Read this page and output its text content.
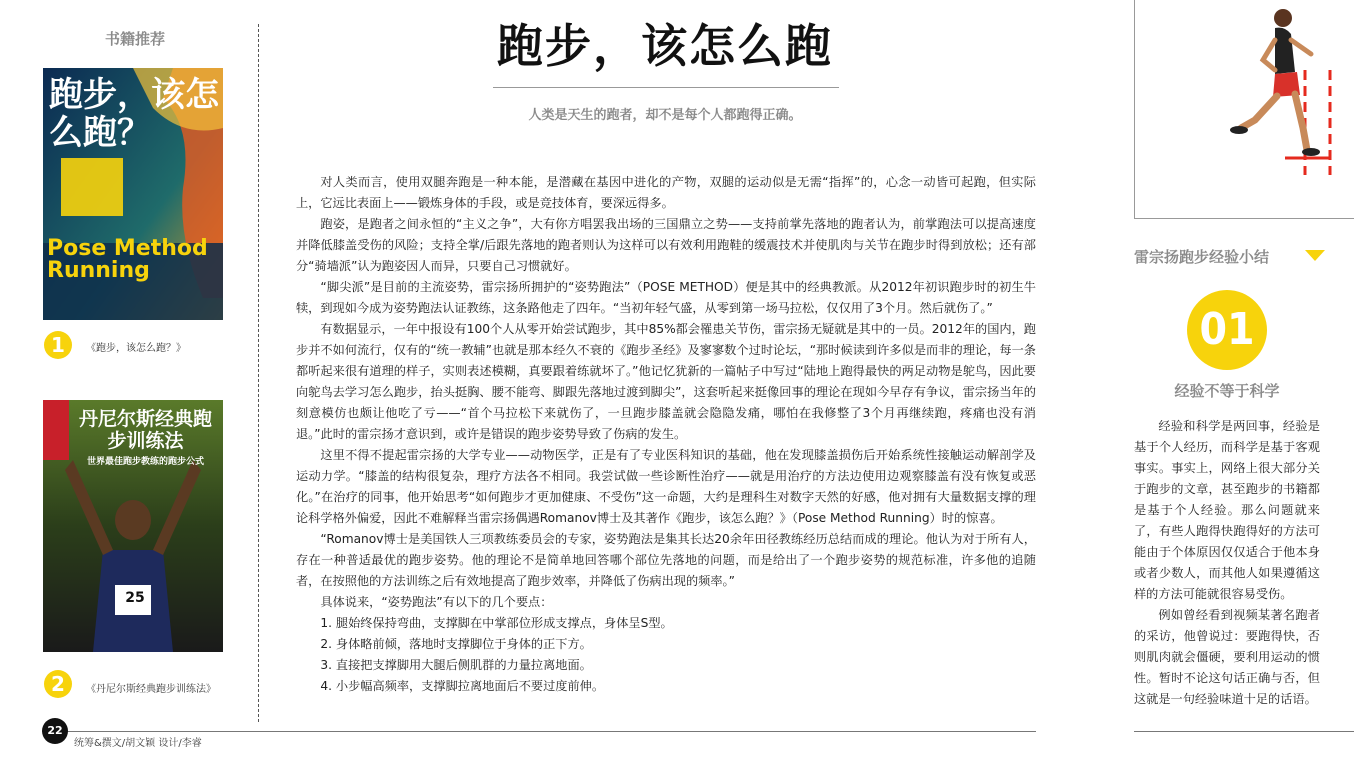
书籍推荐
跑步，该怎么跑？
Pose Method Running
1	《跑步，该怎么跑？》
丹尼尔斯经典跑步训练法
世界最佳跑步教练的跑步公式
25
2	《丹尼尔斯经典跑步训练法》
跑步，该怎么跑
人类是天生的跑者，却不是每个人都跑得正确。

对人类而言，使用双腿奔跑是一种本能，是潜藏在基因中进化的产物，双腿的运动似是无需“指挥”的，心念一动皆可起跑，但实际上，它远比表面上——锻炼身体的手段，或是竞技体育，要深远得多。

跑姿，是跑者之间永恒的“主义之争”，大有你方唱罢我出场的三国鼎立之势——支持前掌先落地的跑者认为，前掌跑法可以提高速度并降低膝盖受伤的风险；支持全掌/后跟先落地的跑者则认为这样可以有效利用跑鞋的缓震技术并使肌肉与关节在跑步时得到放松；还有部分“骑墙派”认为跑姿因人而异，只要自己习惯就好。

“脚尖派”是目前的主流姿势，雷宗扬所拥护的“姿势跑法”（POSE METHOD）便是其中的经典教派。从2012年初识跑步时的初生牛犊，到现如今成为姿势跑法认证教练，这条路他走了四年。“当初年轻气盛，从零到第一场马拉松，仅仅用了3个月。然后就伤了。”

有数据显示，一年中报设有100个人从零开始尝试跑步，其中85%都会罹患关节伤，雷宗扬无疑就是其中的一员。2012年的国内，跑步并不如何流行，仅有的“统一教辅”也就是那本经久不衰的《跑步圣经》及寥寥数个过时论坛，“那时候读到许多似是而非的理论，每一条都听起来很有道理的样子，实则表述模糊，真要跟着练就坏了。”他记忆犹新的一篇帖子中写过“陆地上跑得最快的两足动物是鸵鸟，因此要向鸵鸟去学习怎么跑步，抬头挺胸、腰不能弯、脚跟先落地过渡到脚尖”，这套听起来挺像回事的理论在现如今早存有争议，雷宗扬当年的刻意模仿也颇让他吃了亏——“首个马拉松下来就伤了，一旦跑步膝盖就会隐隐发痛，哪怕在我修整了3个月再继续跑，疼痛也没有消退。”此时的雷宗扬才意识到，或许是错误的跑步姿势导致了伤病的发生。

这里不得不提起雷宗扬的大学专业——动物医学，正是有了专业医科知识的基础，他在发现膝盖损伤后开始系统性接触运动解剖学及运动力学。“膝盖的结构很复杂，理疗方法各不相同。我尝试做一些诊断性治疗——就是用治疗的方法边使用边观察膝盖有没有恢复或恶化。”在治疗的同事，他开始思考“如何跑步才更加健康、不受伤”这一命题，大约是理科生对数字天然的好感，他对拥有大量数据支撑的理论科学格外偏爱，因此不难解释当雷宗扬偶遇Romanov博士及其著作《跑步，该怎么跑？》（Pose Method Running）时的惊喜。

“Romanov博士是美国铁人三项教练委员会的专家，姿势跑法是集其长达20余年田径教练经历总结而成的理论。他认为对于所有人，存在一种普适最优的跑步姿势。他的理论不是简单地回答哪个部位先落地的问题，而是给出了一个跑步姿势的规范标准，许多他的追随者，在按照他的方法训练之后有效地提高了跑步效率，并降低了伤病出现的频率。”

具体说来，“姿势跑法”有以下的几个要点：

1. 腿始终保持弯曲，支撑脚在中掌部位形成支撑点，身体呈S型。
2. 身体略前倾，落地时支撑脚位于身体的正下方。
3. 直接把支撑脚用大腿后侧肌群的力量拉离地面。
4. 小步幅高频率，支撑脚拉离地面后不要过度前伸。
22
统筹&撰文/胡文颖 设计/李睿
雷宗扬跑步经验小结
01
经验不等于科学

经验和科学是两回事，经验是基于个人经历，而科学是基于客观事实。事实上，网络上很大部分关于跑步的文章，甚至跑步的书籍都是基于个人经验。那么问题就来了，有些人跑得快跑得好的方法可能由于个体原因仅仅适合于他本身或者少数人，而其他人如果遵循这样的方法可能就很容易受伤。

例如曾经看到视频某著名跑者的采访，他曾说过：要跑得快，否则肌肉就会僵硬，要利用运动的惯性。暂时不论这句话正确与否，但这就是一句经验味道十足的话语。
